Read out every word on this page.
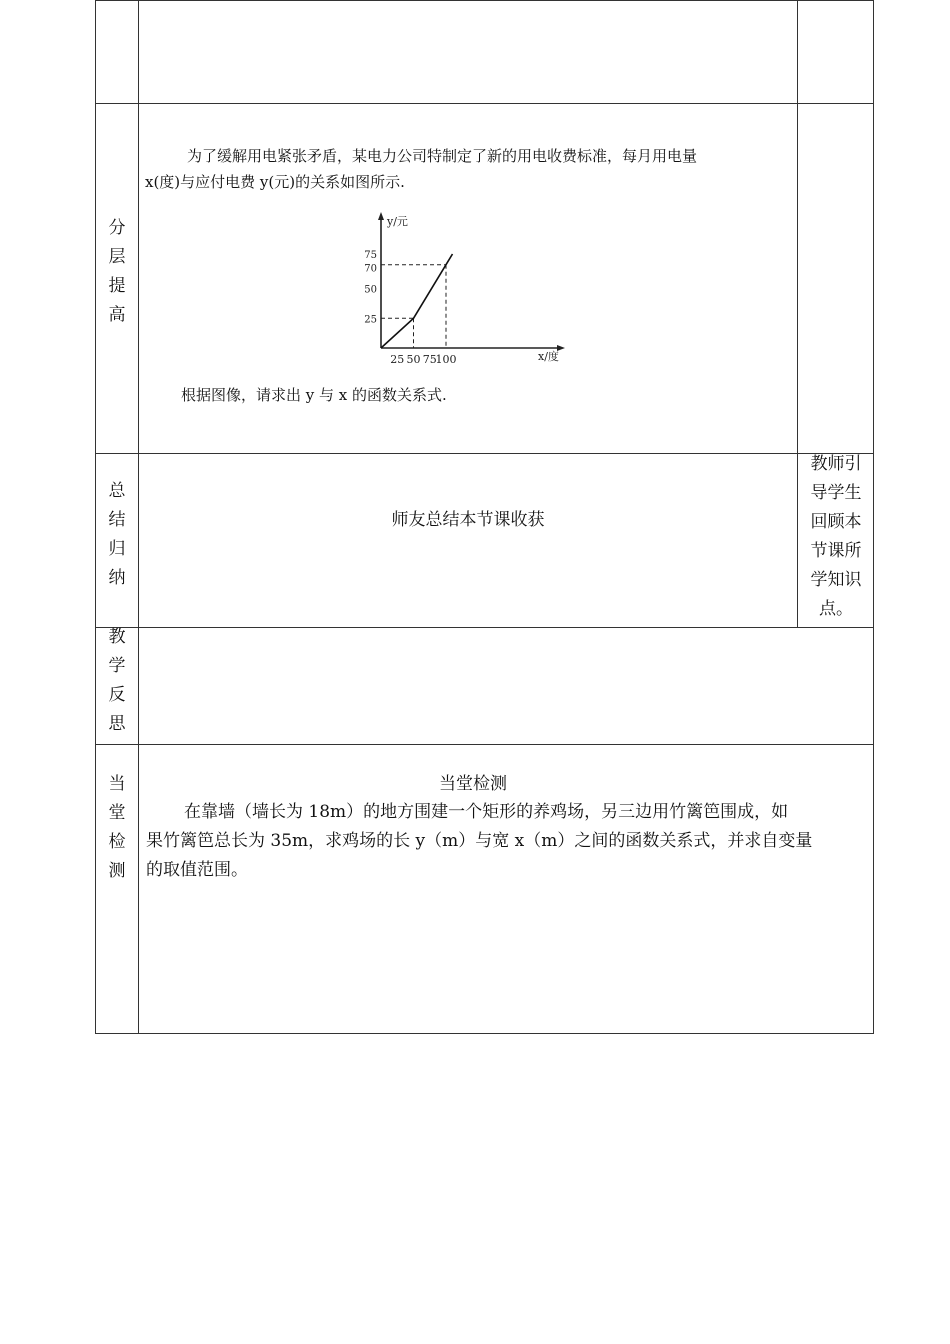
分
层
提
高
为了缓解用电紧张矛盾，某电力公司特制定了新的用电收费标准，每月用电量
x(度)与应付电费 y(元)的关系如图所示.
y/元
x/度
25 50 75
100
25
50
70
75
根据图像，请求出 y 与 x 的函数关系式.
总
结
归
纳
师友总结本节课收获
教师引
导学生
回顾本
节课所
学知识
点。
教
学
反
思
当
堂
检
测
当堂检测
在靠墙（墙长为 18m）的地方围建一个矩形的养鸡场，另三边用竹篱笆围成，如
果竹篱笆总长为 35m，求鸡场的长 y（m）与宽 x（m）之间的函数关系式，并求自变量
的取值范围。
